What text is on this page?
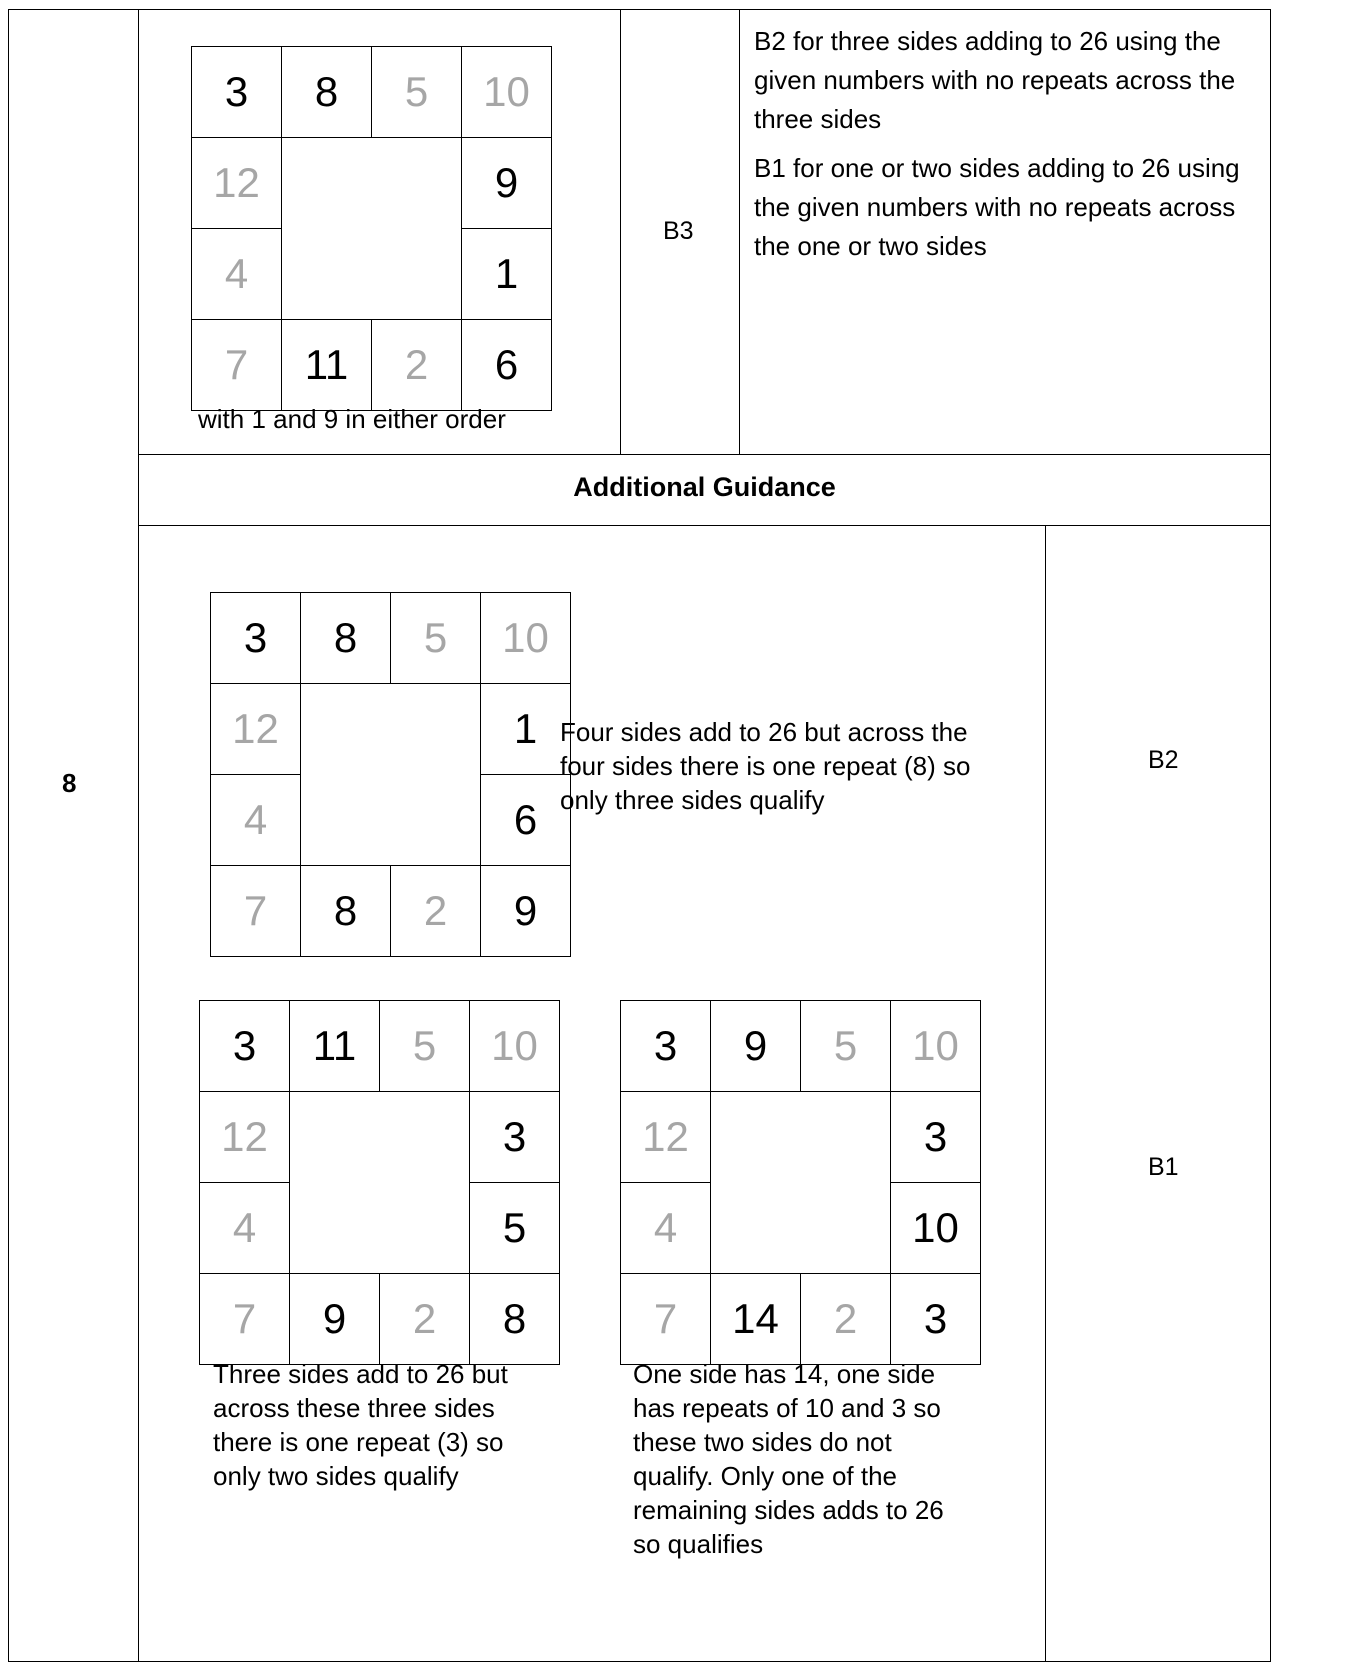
8
3	8	5	10
12	9
4	1
7	11	2	6
with 1 and 9 in either order
B3

B2 for three sides adding to 26 using the given numbers with no repeats across the three sides

B1 for one or two sides adding to 26 using the given numbers with no repeats across the one or two sides

Additional Guidance
3	8	5	10
12	1
4	6
7	8	2	9
Four sides add to 26 but across the four sides there is one repeat (8) so only three sides qualify
B2
3	11	5	10
12	3
4	5
7	9	2	8
Three sides add to 26 but across these three sides there is one repeat (3) so only two sides qualify
3	9	5	10
12	3
4	10
7	14	2	3
One side has 14, one side has repeats of 10 and 3 so these two sides do not qualify. Only one of the remaining sides adds to 26 so qualifies
B1
